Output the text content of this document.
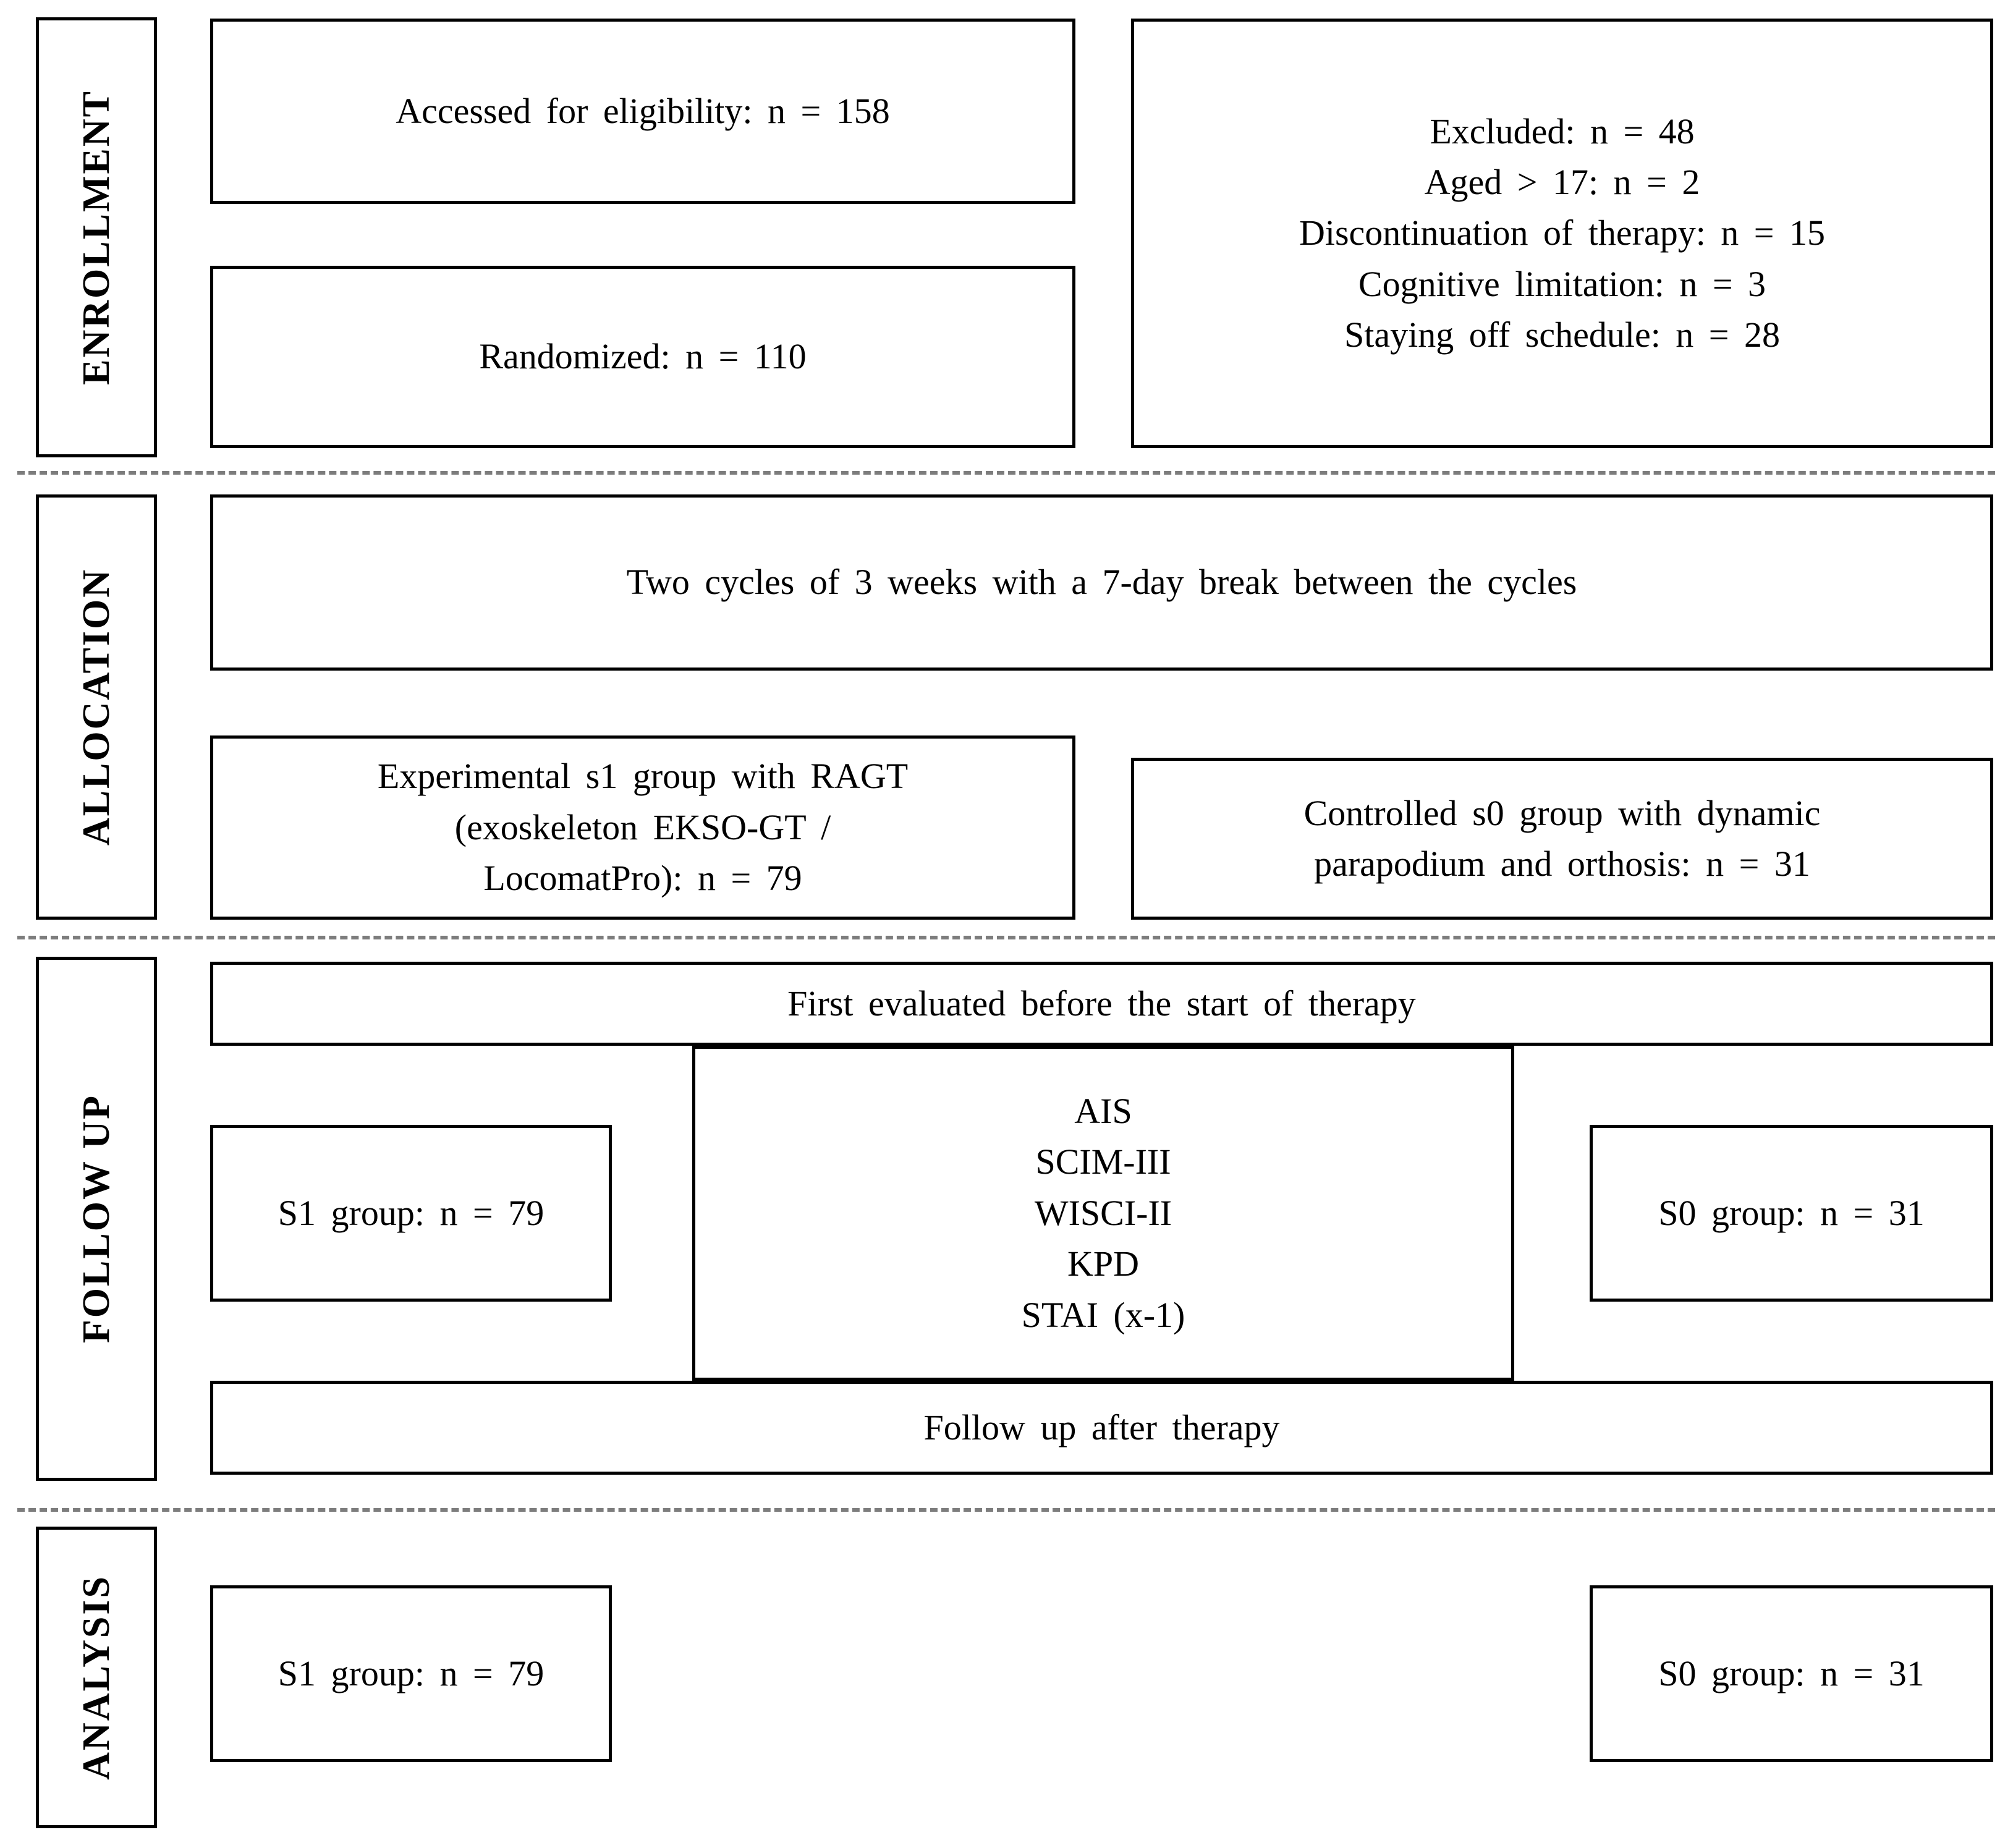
ENROLLMENT
ALLOCATION
FOLLOW UP
ANALYSIS
Accessed for eligibility: n = 158
Randomized: n = 110
Excluded: n = 48
Aged > 17: n = 2
Discontinuation of therapy: n = 15
Cognitive limitation: n = 3
Staying off schedule: n = 28
Two cycles of 3 weeks with a 7-day break between the cycles
Experimental s1 group with RAGT
(exoskeleton EKSO-GT /
LocomatPro): n = 79
Controlled s0 group with dynamic
parapodium and orthosis: n = 31
First evaluated before the start of therapy
AIS
SCIM-III
WISCI-II
KPD
STAI (x-1)
S1 group: n = 79	S0 group: n = 31
Follow up after therapy
S1 group: n = 79	S0 group: n = 31
